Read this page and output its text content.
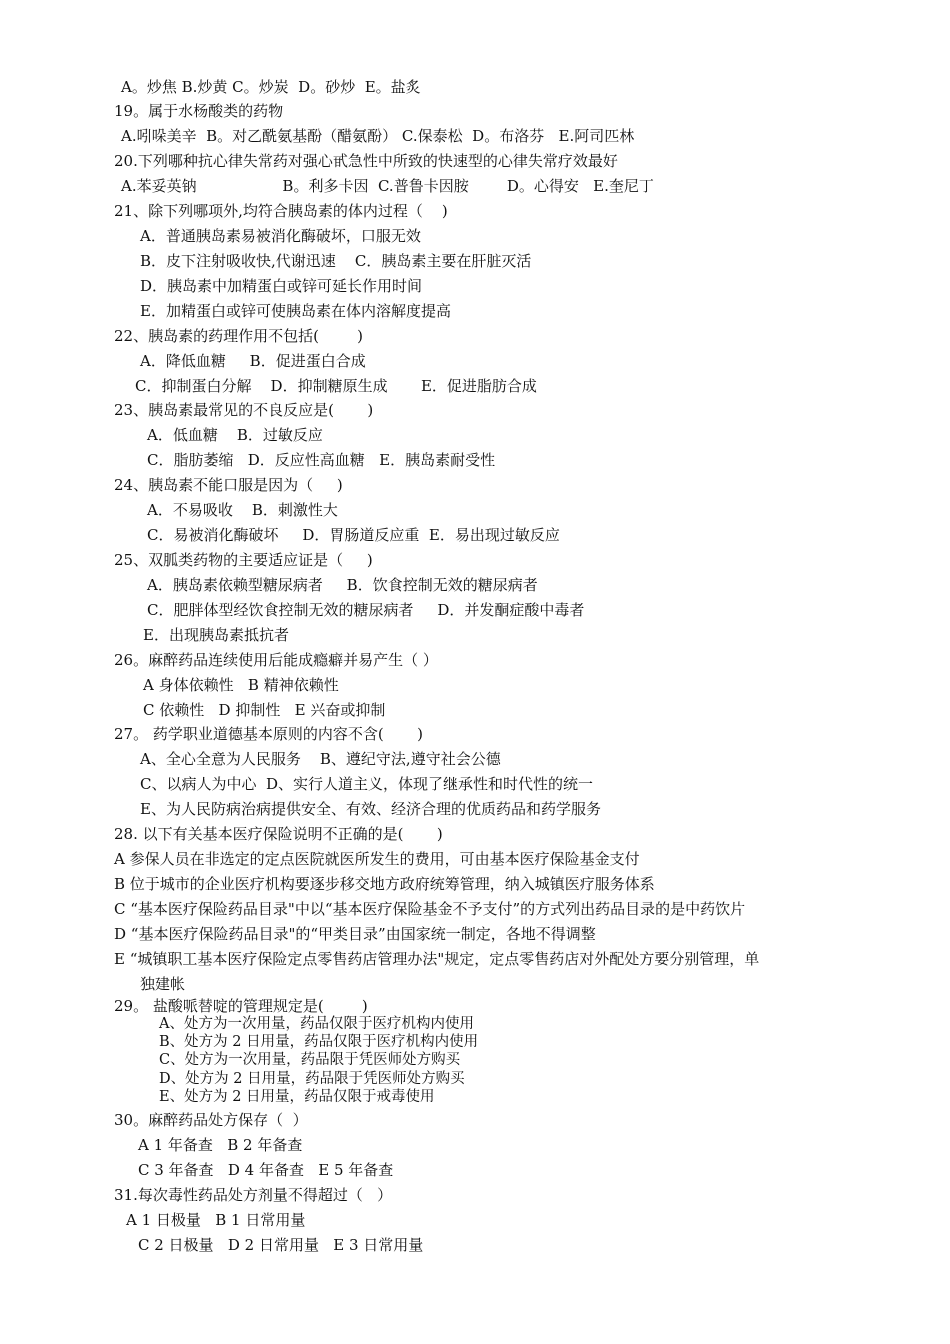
A。炒焦 B.炒黄 C。炒炭  D。砂炒  E。盐炙
19。属于水杨酸类的药物
A.吲哚美辛  B。对乙酰氨基酚（醋氨酚） C.保泰松  D。布洛芬   E.阿司匹林
20.下列哪种抗心律失常药对强心甙急性中所致的快速型的心律失常疗效最好
A.苯妥英钠                  B。利多卡因  C.普鲁卡因胺        D。心得安   E.奎尼丁
21、除下列哪项外,均符合胰岛素的体内过程（    )
A．普通胰岛素易被消化酶破坏，口服无效
B．皮下注射吸收快,代谢迅速    C．胰岛素主要在肝脏灭活
D．胰岛素中加精蛋白或锌可延长作用时间
E．加精蛋白或锌可使胰岛素在体内溶解度提高
22、胰岛素的药理作用不包括(        )
A．降低血糖     B．促进蛋白合成
C．抑制蛋白分解    D．抑制糖原生成       E．促进脂肪合成
23、胰岛素最常见的不良反应是(       )
A．低血糖    B．过敏反应
C．脂肪萎缩   D．反应性高血糖   E．胰岛素耐受性
24、胰岛素不能口服是因为（     )
A．不易吸收    B．刺激性大
C．易被消化酶破坏     D．胃肠道反应重  E．易出现过敏反应
25、双胍类药物的主要适应证是（     )
A．胰岛素依赖型糖尿病者     B．饮食控制无效的糖尿病者
C．肥胖体型经饮食控制无效的糖尿病者     D．并发酮症酸中毒者
E．出现胰岛素抵抗者
26。麻醉药品连续使用后能成瘾癖并易产生（ ）
A 身体依赖性   B 精神依赖性
C 依赖性   D 抑制性   E 兴奋或抑制
27。 药学职业道德基本原则的内容不含(       )
A、全心全意为人民服务    B、遵纪守法,遵守社会公德
C、以病人为中心  D、实行人道主义，体现了继承性和时代性的统一
E、为人民防病治病提供安全、有效、经济合理的优质药品和药学服务
28. 以下有关基本医疗保险说明不正确的是(       )
A 参保人员在非选定的定点医院就医所发生的费用，可由基本医疗保险基金支付
B 位于城市的企业医疗机构要逐步移交地方政府统筹管理，纳入城镇医疗服务体系
C “基本医疗保险药品目录"中以“基本医疗保险基金不予支付”的方式列出药品目录的是中药饮片
D “基本医疗保险药品目录"的“甲类目录”由国家统一制定，各地不得调整
E “城镇职工基本医疗保险定点零售药店管理办法"规定，定点零售药店对外配处方要分别管理，单
独建帐
29。 盐酸哌替啶的管理规定是(        )
A、处方为一次用量，药品仅限于医疗机构内使用
B、处方为 2 日用量，药品仅限于医疗机构内使用
C、处方为一次用量，药品限于凭医师处方购买
D、处方为 2 日用量，药品限于凭医师处方购买
E、处方为 2 日用量，药品仅限于戒毒使用
30。麻醉药品处方保存（  ）
A 1 年备查   B 2 年备查
C 3 年备查   D 4 年备查   E 5 年备查
31.每次毒性药品处方剂量不得超过（   ）
A 1 日极量   B 1 日常用量
C 2 日极量   D 2 日常用量   E 3 日常用量
